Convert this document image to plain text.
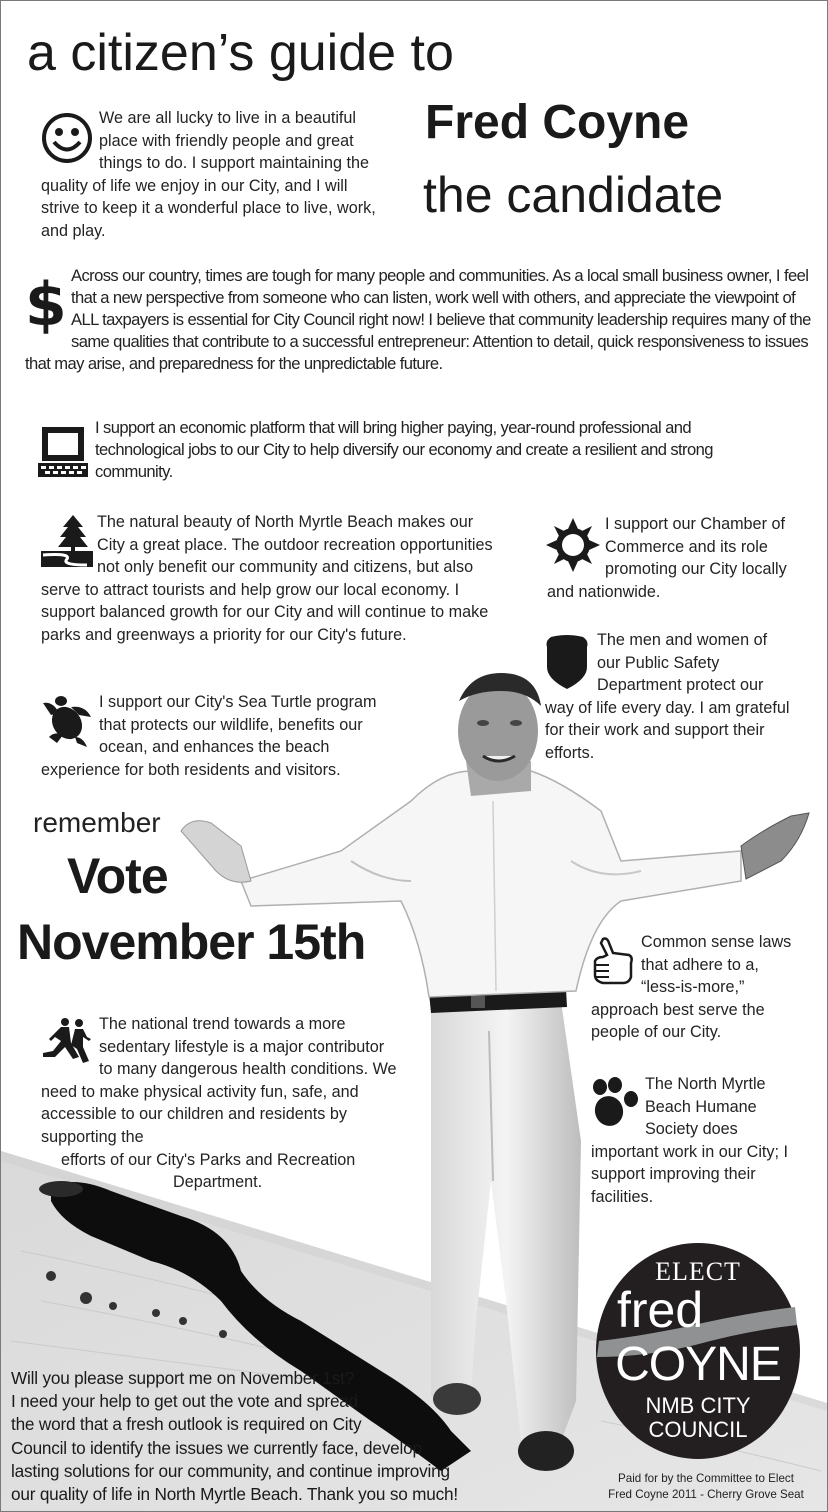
a citizen’s guide to
Fred Coyne
the candidate
We are all lucky to live in a beautiful place with friendly people and great things to do. I support maintaining the quality of life we enjoy in our City, and I will strive to keep it a wonderful place to live, work, and play.
$ Across our country, times are tough for many people and communities. As a local small business owner, I feel that a new perspective from someone who can listen, work well with others, and appreciate the viewpoint of ALL taxpayers is essential for City Council right now! I believe that community leadership requires many of the same qualities that contribute to a successful entrepreneur: Attention to detail, quick responsiveness to issues that may arise, and preparedness for the unpredictable future.
I support an economic platform that will bring higher paying, year-round professional and technological jobs to our City to help diversify our economy and create a resilient and strong community.
The natural beauty of North Myrtle Beach makes our City a great place. The outdoor recreation opportunities not only benefit our community and citizens, but also serve to attract tourists and help grow our local economy. I support balanced growth for our City and will continue to make parks and greenways a priority for our City's future.
I support our Chamber of Commerce and its role promoting our City locally and nationwide.
The men and women of our Public Safety Department protect our way of life every day. I am grateful for their work and support their efforts.
I support our City's Sea Turtle program that protects our wildlife, benefits our ocean, and enhances the beach experience for both residents and visitors.
remember
Vote
November 15th	Common sense laws that adhere to a, “less-is-more,” approach best serve the people of our City.
The national trend towards a more sedentary lifestyle is a major contributor to many dangerous health conditions. We need to make physical activity fun, safe, and accessible to our children and residents by supporting the
efforts of our City's Parks and Recreation
Department.
The North Myrtle Beach Humane Society does important work in our City; I support improving their facilities.
Will you please support me on November 1st?
I need your help to get out the vote and spread
the word that a fresh outlook is required on City
Council to identify the issues we currently face, develop
lasting solutions for our community, and continue improving
our quality of life in North Myrtle Beach. Thank you so much!
ELECT
fred
COYNE
NMB CITY
COUNCIL
Paid for by the Committee to Elect
Fred Coyne 2011 - Cherry Grove Seat
